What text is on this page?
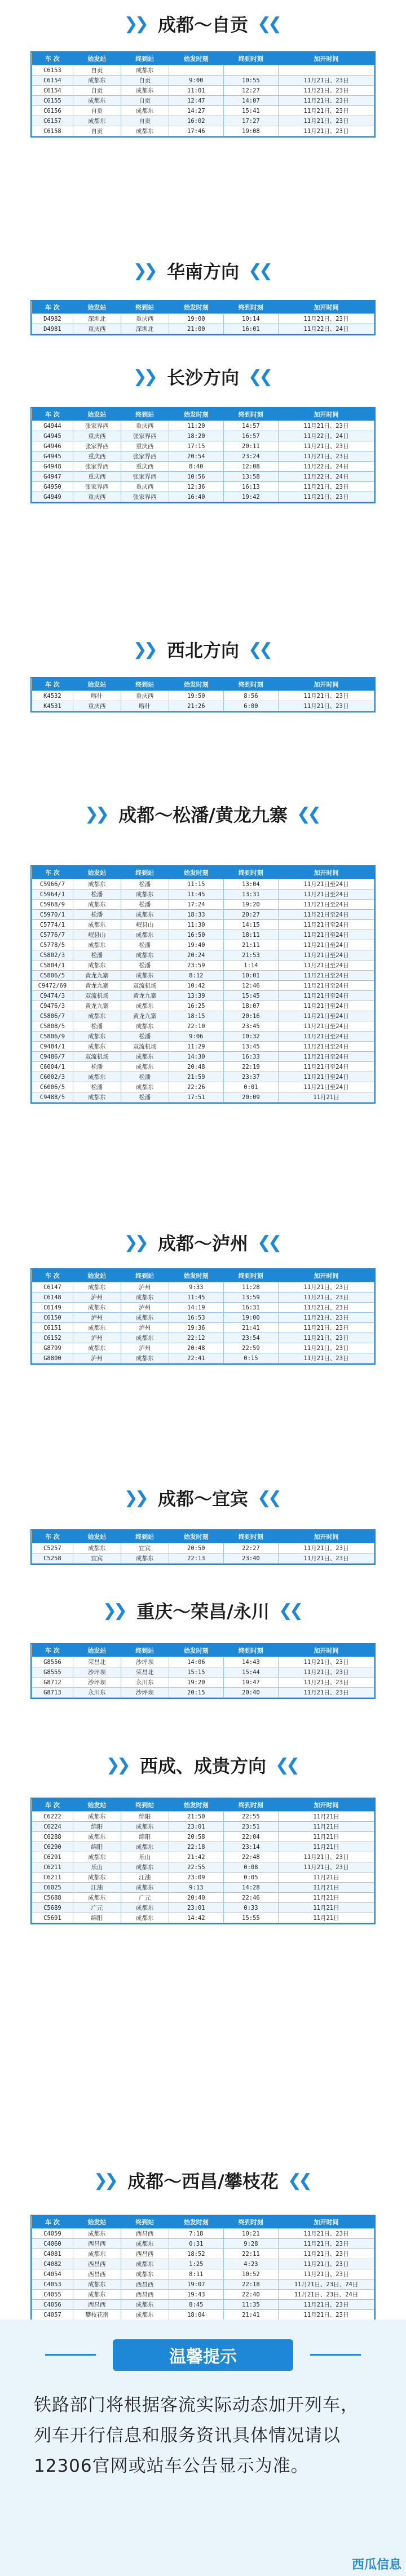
❯❯ 成都～自贡 ❯❯
车 次	始发站	终到站	始发时刻	终到时刻	加开时间
C6153	自贡	成都东			
C6154	成都东	自贡	9:00	10:55	11月21日、23日
C6154	自贡	成都东	11:01	12:27	11月21日、23日
C6155	成都东	自贡	12:47	14:07	11月21日、23日
C6156	自贡	成都东	14:27	15:41	11月21日、23日
C6157	成都东	自贡	16:02	17:27	11月21日、23日
C6158	自贡	成都东	17:46	19:08	11月21日、23日
❯❯ 华南方向 ❯❯
车 次	始发站	终到站	始发时刻	终到时刻	加开时间
D4982	深圳北	重庆西	19:00	10:14	11月21日、23日
D4981	重庆西	深圳北	21:00	16:01	11月22日、24日
❯❯ 长沙方向 ❯❯
车 次	始发站	终到站	始发时刻	终到时刻	加开时间
G4944	张家界西	重庆西	11:20	14:57	11月21日、23日
G4945	重庆西	张家界西	18:20	16:57	11月22日、24日
G4946	张家界西	重庆西	17:15	20:11	11月21日、23日
G4945	重庆西	张家界西	20:54	23:24	11月21日、23日
G4948	张家界西	重庆西	8:40	12:08	11月22日、24日
G4947	重庆西	张家界西	10:56	13:58	11月22日、24日
G4950	张家界西	重庆西	12:36	16:13	11月21日、23日
G4949	重庆西	张家界西	16:40	19:42	11月21日、23日
❯❯ 西北方向 ❯❯
车 次	始发站	终到站	始发时刻	终到时刻	加开时间
K4532	喀什	重庆西	19:50	8:56	11月21日、23日
K4531	重庆西	喀什	21:26	6:00	11月21日、23日
❯❯ 成都～松潘/黄龙九寨 ❯❯
车 次	始发站	终到站	始发时刻	终到时刻	加开时间
C5966/7	成都东	松潘	11:15	13:04	11月21日至24日
C5964/1	松潘	成都东	11:45	13:31	11月21日至24日
C5968/9	成都东	松潘	17:24	19:20	11月21日至24日
C5970/1	松潘	成都东	18:33	20:27	11月21日至24日
C5774/1	成都东	岷县山	11:30	14:15	11月21日至24日
C5776/7	岷县山	成都东	16:50	18:11	11月21日至24日
C5778/5	成都东	松潘	19:40	21:11	11月21日至24日
C5802/3	松潘	成都东	20:24	21:53	11月21日至24日
C5804/1	成都东	松潘	23:59	1:14	11月21日至24日
C5806/5	黄龙九寨	成都东	8:12	10:01	11月21日至24日
C9472/69	黄龙九寨	双流机场	10:42	12:46	11月21日至24日
C9474/3	双流机场	黄龙九寨	13:39	15:45	11月21日至24日
C9476/3	黄龙九寨	成都东	16:25	18:07	11月21日至24日
C5806/7	成都东	黄龙九寨	18:15	20:16	11月21日至24日
C5808/5	松潘	成都东	22:10	23:45	11月21日至24日
C5806/9	成都东	松潘	9:06	10:32	11月21日至24日
C9484/1	成都东	双流机场	11:29	13:45	11月21日至24日
C9486/7	双流机场	成都东	14:30	16:33	11月21日至24日
C6004/1	松潘	成都东	20:48	22:19	11月21日至24日
C6002/3	成都东	松潘	21:59	23:37	11月21日至24日
C6006/5	松潘	成都东	22:26	0:01	11月21日至24日
C9488/5	成都东	松潘	17:51	20:09	11月21日
❯❯ 成都～泸州 ❯❯
车 次	始发站	终到站	始发时刻	终到时刻	加开时间
C6147	成都东	泸州	9:33	11:28	11月21日、23日
C6148	泸州	成都东	11:45	13:59	11月21日、23日
C6149	成都东	泸州	14:19	16:31	11月21日、23日
C6150	泸州	成都东	16:53	19:00	11月21日、23日
C6151	成都东	泸州	19:36	21:41	11月21日、23日
C6152	泸州	成都东	22:12	23:54	11月21日、23日
G8799	成都东	泸州	20:48	22:59	11月21日、23日
G8800	泸州	成都东	22:41	0:15	11月21日、23日
❯❯ 成都～宜宾 ❯❯
车 次	始发站	终到站	始发时刻	终到时刻	加开时间
C5257	成都东	宜宾	20:50	22:27	11月21日、23日
C5258	宜宾	成都东	22:13	23:40	11月21日、23日
❯❯ 重庆～荣昌/永川 ❯❯
车 次	始发站	终到站	始发时刻	终到时刻	加开时间
G8556	荣昌北	沙坪坝	14:06	14:43	11月21日、23日
G8555	沙坪坝	荣昌北	15:15	15:44	11月21日、23日
G8712	沙坪坝	永川东	19:20	19:47	11月21日、23日
G8713	永川东	沙坪坝	20:15	20:40	11月21日、23日
❯❯ 西成、成贵方向 ❯❯
车 次	始发站	终到站	始发时刻	终到时刻	加开时间
C6222	成都东	绵阳	21:50	22:55	11月21日
C6224	绵阳	成都东	23:01	23:51	11月21日
C6288	成都东	绵阳	20:58	22:04	11月21日
C6290	绵阳	成都东	22:18	23:14	11月21日
C6291	成都东	乐山	21:42	22:48	11月21日、23日
C6211	乐山	成都东	22:55	0:08	11月21日、23日
C6211	成都东	江油	23:09	0:05	11月21日
C6025	江油	成都东	9:13	14:28	11月21日
C5688	成都东	广元	20:40	22:46	11月21日
C5689	广元	成都东	23:01	0:33	11月21日
C5691	绵阳	成都东	14:42	15:55	11月21日
❯❯ 成都～西昌/攀枝花 ❯❯
车 次	始发站	终到站	始发时刻	终到时刻	加开时间
C4059	成都东	西昌西	7:18	10:21	11月21日、23日
C4060	西昌西	成都东	0:31	9:28	11月21日、23日
C4081	成都东	西昌西	18:52	22:11	11月21日、23日
C4082	西昌西	成都东	1:25	4:23	11月21日、23日
C4054	西昌西	成都东	8:11	10:52	11月21日、23日
C4053	成都东	西昌西	19:07	22:18	11月21日、23日、24日
C4055	成都东	西昌西	19:43	22:40	11月21日、23日、24日
C4056	西昌西	成都东	8:45	11:35	11月21日、23日
C4057	攀枝花南	成都东	18:04	21:41	11月21日、23日

温馨提示
铁路部门将根据客流实际动态加开列车，列车开行信息和服务资讯具体情况请以12306官网或站车公告显示为准。
西瓜信息
